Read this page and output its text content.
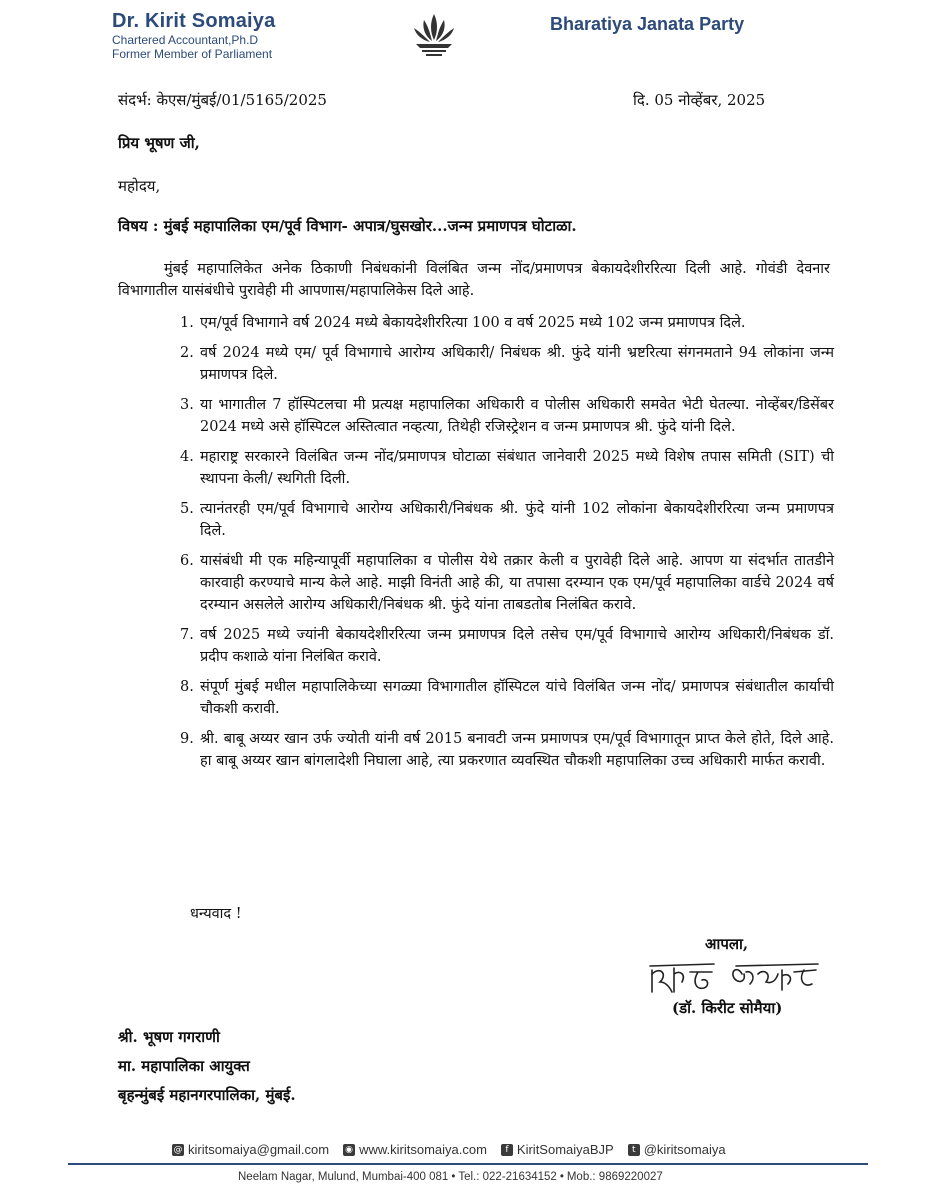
Dr. Kirit Somaiya
Chartered Accountant,Ph.D
Former Member of Parliament
Bharatiya Janata Party
संदर्भ: केएस/मुंबई/01/5165/2025	दि. 05 नोव्हेंबर, 2025
प्रिय भूषण जी,
महोदय,
विषय : मुंबई महापालिका एम/पूर्व विभाग- अपात्र/घुसखोर...जन्म प्रमाणपत्र घोटाळा.
मुंबई महापालिकेत अनेक ठिकाणी निबंधकांनी विलंबित जन्म नोंद/प्रमाणपत्र बेकायदेशीररित्या दिली आहे. गोवंडी देवनार विभागातील यासंबंधीचे पुरावेही मी आपणास/महापालिकेस दिले आहे.
1. एम/पूर्व विभागाने वर्ष 2024 मध्ये बेकायदेशीररित्या 100 व वर्ष 2025 मध्ये 102 जन्म प्रमाणपत्र दिले.
2. वर्ष 2024 मध्ये एम/ पूर्व विभागाचे आरोग्य अधिकारी/ निबंधक श्री. फुंदे यांनी भ्रष्टरित्या संगनमताने 94 लोकांना जन्म प्रमाणपत्र दिले.
3. या भागातील 7 हॉस्पिटलचा मी प्रत्यक्ष महापालिका अधिकारी व पोलीस अधिकारी समवेत भेटी घेतल्या. नोव्हेंबर/डिसेंबर 2024 मध्ये असे हॉस्पिटल अस्तित्वात नव्हत्या, तिथेही रजिस्ट्रेशन व जन्म प्रमाणपत्र श्री. फुंदे यांनी दिले.
4. महाराष्ट्र सरकारने विलंबित जन्म नोंद/प्रमाणपत्र घोटाळा संबंधात जानेवारी 2025 मध्ये विशेष तपास समिती (SIT) ची स्थापना केली/ स्थगिती दिली.
5. त्यानंतरही एम/पूर्व विभागाचे आरोग्य अधिकारी/निबंधक श्री. फुंदे यांनी 102 लोकांना बेकायदेशीररित्या जन्म प्रमाणपत्र दिले.
6. यासंबंधी मी एक महिन्यापूर्वी महापालिका व पोलीस येथे तक्रार केली व पुरावेही दिले आहे. आपण या संदर्भात तातडीने कारवाही करण्याचे मान्य केले आहे. माझी विनंती आहे की, या तपासा दरम्यान एक एम/पूर्व महापालिका वार्डचे 2024 वर्ष दरम्यान असलेले आरोग्य अधिकारी/निबंधक श्री. फुंदे यांना ताबडतोब निलंबित करावे.
7. वर्ष 2025 मध्ये ज्यांनी बेकायदेशीररित्या जन्म प्रमाणपत्र दिले तसेच एम/पूर्व विभागाचे आरोग्य अधिकारी/निबंधक डॉ. प्रदीप कशाळे यांना निलंबित करावे.
8. संपूर्ण मुंबई मधील महापालिकेच्या सगळ्या विभागातील हॉस्पिटल यांचे विलंबित जन्म नोंद/ प्रमाणपत्र संबंधातील कार्याची चौकशी करावी.
9. श्री. बाबू अय्यर खान उर्फ ज्योती यांनी वर्ष 2015 बनावटी जन्म प्रमाणपत्र एम/पूर्व विभागातून प्राप्त केले होते, दिले आहे. हा बाबू अय्यर खान बांगलादेशी निघाला आहे, त्या प्रकरणात व्यवस्थित चौकशी महापालिका उच्च अधिकारी मार्फत करावी.
धन्यवाद !
आपला,
(डॉ. किरीट सोमैया)
श्री. भूषण गगराणी
मा. महापालिका आयुक्त
बृहन्मुंबई महानगरपालिका, मुंबई.
@ kiritsomaiya@gmail.com ◉ www.kiritsomaiya.com	f KiritSomaiyaBJP	t @kiritsomaiya
Neelam Nagar, Mulund, Mumbai-400 081 • Tel.: 022-21634152 • Mob.: 9869220027
